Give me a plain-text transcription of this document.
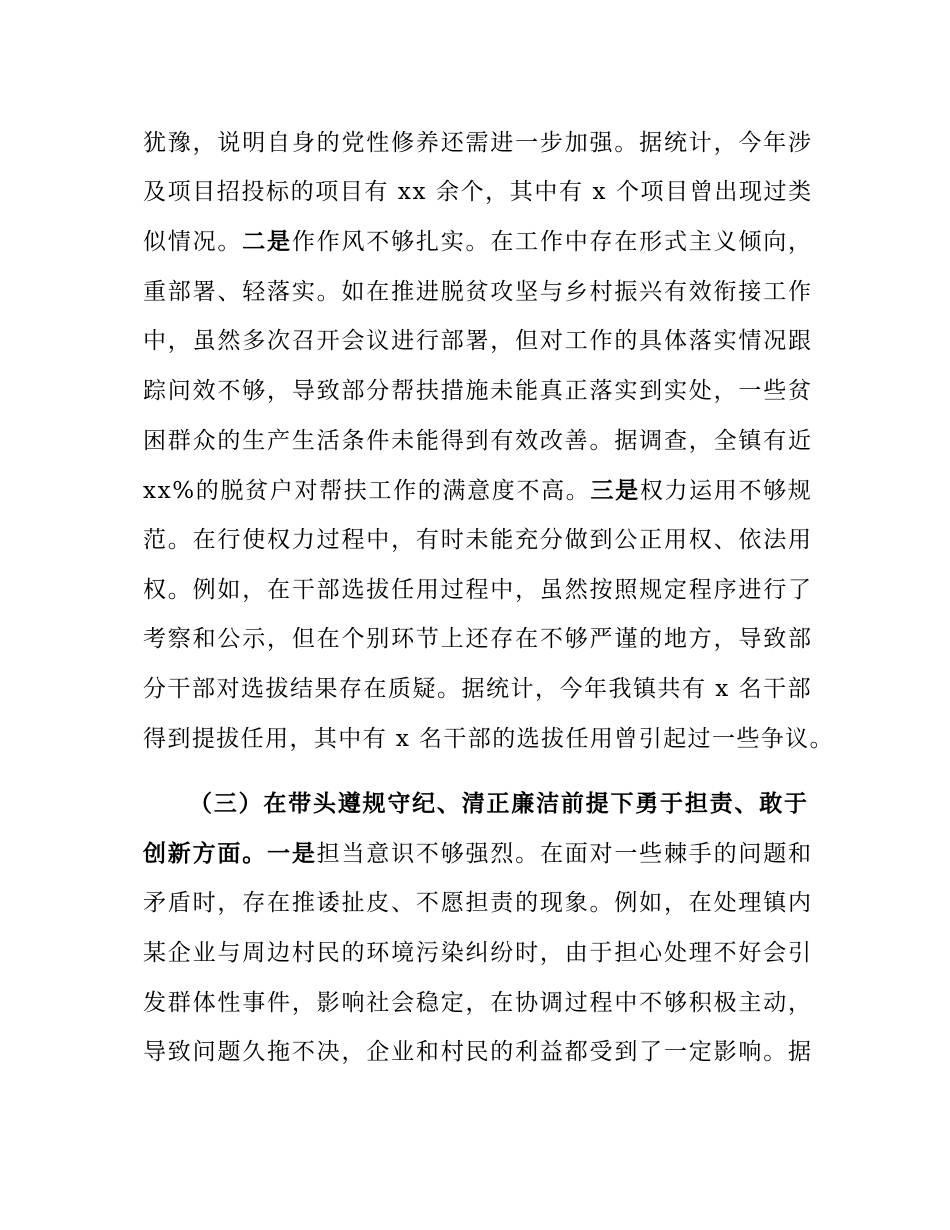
犹豫，说明自身的党性修养还需进一步加强。据统计，今年涉
及项目招投标的项目有 xx 余个，其中有 x 个项目曾出现过类
似情况。二是作作风不够扎实。在工作中存在形式主义倾向，
重部署、轻落实。如在推进脱贫攻坚与乡村振兴有效衔接工作
中，虽然多次召开会议进行部署，但对工作的具体落实情况跟
踪问效不够，导致部分帮扶措施未能真正落实到实处，一些贫
困群众的生产生活条件未能得到有效改善。据调查，全镇有近
xx%的脱贫户对帮扶工作的满意度不高。三是权力运用不够规
范。在行使权力过程中，有时未能充分做到公正用权、依法用
权。例如，在干部选拔任用过程中，虽然按照规定程序进行了
考察和公示，但在个别环节上还存在不够严谨的地方，导致部
分干部对选拔结果存在质疑。据统计，今年我镇共有 x 名干部
得到提拔任用，其中有 x 名干部的选拔任用曾引起过一些争议。
（三）在带头遵规守纪、清正廉洁前提下勇于担责、敢于
创新方面。一是担当意识不够强烈。在面对一些棘手的问题和
矛盾时，存在推诿扯皮、不愿担责的现象。例如，在处理镇内
某企业与周边村民的环境污染纠纷时，由于担心处理不好会引
发群体性事件，影响社会稳定，在协调过程中不够积极主动，
导致问题久拖不决，企业和村民的利益都受到了一定影响。据
